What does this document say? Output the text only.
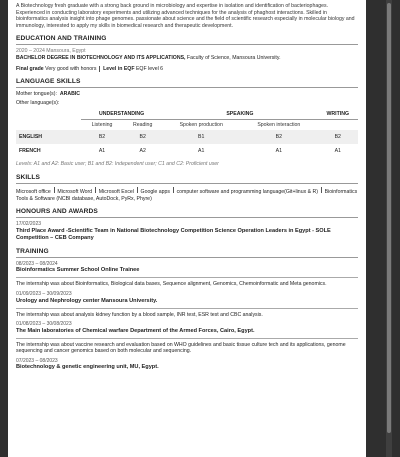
A Biotechnology fresh graduate with a strong back ground in microbiology and expertise in isolation and identification of bacteriophages. Experienced in conducting laboratory experiments and utilizing advanced techniques for the analysis of phaghost interactions. Skilled in bioinformatics analysis insight into phage genomes. passionate about science and the field of scientific research especially in molecular biology and immunology, interested to apply my skills in biomedical research and therapeutic development.
EDUCATION AND TRAINING
2020 – 2024 Mansoura, Egypt
BACHELOR DEGREE IN BIOTECHNOLOGY AND ITS APPLICATIONS, Faculty of Science, Mansoura University.
Final grade
Very good with honors Level in EQF
EQF level 6
LANGUAGE SKILLS
Mother tongue(s): ARABIC
Other language(s):
	UNDERSTANDING		SPEAKING		WRITING
	Listening	Reading	Spoken production	Spoken interaction	
ENGLISH	B2	B2	B1	B2	B2
FRENCH	A1	A2	A1	A1	A1
Levels: A1 and A2: Basic user; B1 and B2: Independent user; C1 and C2: Proficient user
SKILLS
Microsoft office Microsoft Word Microsoft Excel Google apps computer software and programming language(Git+linux & R) Bioinformatics Tools & Software (NCBI database, AutoDock, PyRx, Phyre)
HONOURS AND AWARDS
17/02/2023
Third Place Award -Scientific Team in National Biotechnology Competition Science Operation Leaders in Egypt - SOLE Competition – CEB Company
TRAINING
08/2023 – 08/2024
Bioinformatics Summer School Online Trainee
The internship was about Bioinformatics, Biological data bases, Sequence alignment, Genomics, Chemoinformatic and Meta genomics.
01/09/2023 – 30/09/2023
Urology and Nephrology center Mansoura University.
The internship was about analysis kidney function by a blood sample, INR test, ESR test and CBC analysis.
01/08/2023 – 30/08/2023
The Main laboratories of Chemical warfare Department of the Armed Forces, Cairo, Egypt.
The internship was about vaccine research and evaluation based on WHO guidelines and basic tissue culture tech and its applications, genome sequencing and cancer genomics based on both molecular and sequencing.
07/2023 – 08/2023
Biotechnology & genetic engineering unit, MU, Egypt.
